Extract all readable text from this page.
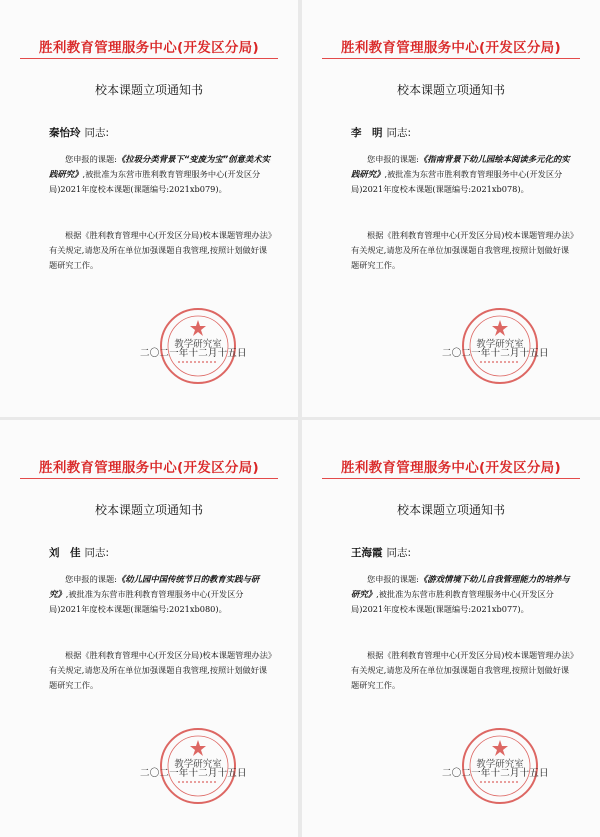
胜利教育管理服务中心(开发区分局)
校本课题立项通知书
秦怡玲 同志:
您申报的课题:《拉圾分类背景下“变废为宝”创意美术实践研究》,被批准为东营市胜利教育管理服务中心(开发区分局)2021年度校本课题(课题编号:2021xb079)。
根据《胜利教育管理中心(开发区分局)校本课题管理办法》有关规定,请您及所在单位加强课题自我管理,按照计划做好课题研究工作。
教学研究室
二〇二一年十二月十五日
胜利教育管理服务中心(开发区分局)
校本课题立项通知书
李　明 同志:
您申报的课题:《指南背景下幼儿园绘本阅读多元化的实践研究》,被批准为东营市胜利教育管理服务中心(开发区分局)2021年度校本课题(课题编号:2021xb078)。
根据《胜利教育管理中心(开发区分局)校本课题管理办法》有关规定,请您及所在单位加强课题自我管理,按照计划做好课题研究工作。
教学研究室
二〇二一年十二月十五日
胜利教育管理服务中心(开发区分局)
校本课题立项通知书
刘　佳 同志:
您申报的课题:《幼儿园中国传统节日的教育实践与研究》,被批准为东营市胜利教育管理服务中心(开发区分局)2021年度校本课题(课题编号:2021xb080)。
根据《胜利教育管理中心(开发区分局)校本课题管理办法》有关规定,请您及所在单位加强课题自我管理,按照计划做好课题研究工作。
教学研究室
二〇二一年十二月十五日
胜利教育管理服务中心(开发区分局)
校本课题立项通知书
王海霞 同志:
您申报的课题:《游戏情境下幼儿自我管理能力的培养与研究》,被批准为东营市胜利教育管理服务中心(开发区分局)2021年度校本课题(课题编号:2021xb077)。
根据《胜利教育管理中心(开发区分局)校本课题管理办法》有关规定,请您及所在单位加强课题自我管理,按照计划做好课题研究工作。
教学研究室
二〇二一年十二月十五日
